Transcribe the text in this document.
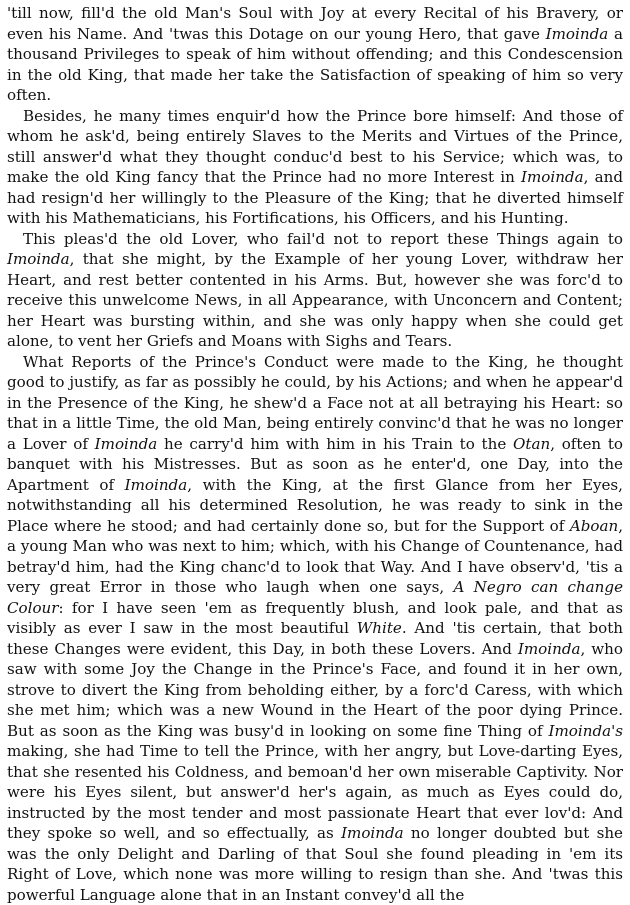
'till now, fill'd the old Man's Soul with Joy at every Recital of his Bravery, or even his Name. And 'twas this Dotage on our young Hero, that gave Imoinda a thousand Privileges to speak of him without offending; and this Condescension in the old King, that made her take the Satisfaction of speaking of him so very often.

Besides, he many times enquir'd how the Prince bore himself: And those of whom he ask'd, being entirely Slaves to the Merits and Virtues of the Prince, still answer'd what they thought conduc'd best to his Service; which was, to make the old King fancy that the Prince had no more Interest in Imoinda, and had resign'd her willingly to the Pleasure of the King; that he diverted himself with his Mathematicians, his Fortifications, his Officers, and his Hunting.

This pleas'd the old Lover, who fail'd not to report these Things again to Imoinda, that she might, by the Example of her young Lover, withdraw her Heart, and rest better contented in his Arms. But, however she was forc'd to receive this unwelcome News, in all Appearance, with Unconcern and Content; her Heart was bursting within, and she was only happy when she could get alone, to vent her Griefs and Moans with Sighs and Tears.

What Reports of the Prince's Conduct were made to the King, he thought good to justify, as far as possibly he could, by his Actions; and when he appear'd in the Presence of the King, he shew'd a Face not at all betraying his Heart: so that in a little Time, the old Man, being entirely convinc'd that he was no longer a Lover of Imoinda he carry'd him with him in his Train to the Otan, often to banquet with his Mistresses. But as soon as he enter'd, one Day, into the Apartment of Imoinda, with the King, at the first Glance from her Eyes, notwithstanding all his determined Resolution, he was ready to sink in the Place where he stood; and had certainly done so, but for the Support of Aboan, a young Man who was next to him; which, with his Change of Countenance, had betray'd him, had the King chanc'd to look that Way. And I have observ'd, 'tis a very great Error in those who laugh when one says, A Negro can change Colour: for I have seen 'em as frequently blush, and look pale, and that as visibly as ever I saw in the most beautiful White. And 'tis certain, that both these Changes were evident, this Day, in both these Lovers. And Imoinda, who saw with some Joy the Change in the Prince's Face, and found it in her own, strove to divert the King from beholding either, by a forc'd Caress, with which she met him; which was a new Wound in the Heart of the poor dying Prince. But as soon as the King was busy'd in looking on some fine Thing of Imoinda's making, she had Time to tell the Prince, with her angry, but Love-darting Eyes, that she resented his Coldness, and bemoan'd her own miserable Captivity. Nor were his Eyes silent, but answer'd her's again, as much as Eyes could do, instructed by the most tender and most passionate Heart that ever lov'd: And they spoke so well, and so effectually, as Imoinda no longer doubted but she was the only Delight and Darling of that Soul she found pleading in 'em its Right of Love, which none was more willing to resign than she. And 'twas this powerful Language alone that in an Instant convey'd all the
